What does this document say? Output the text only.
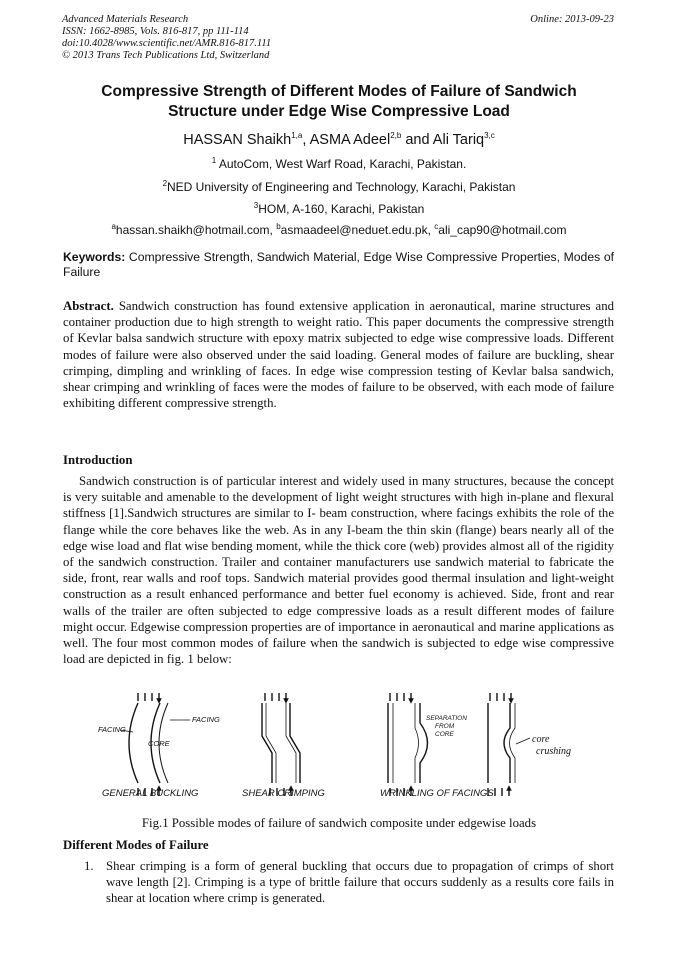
Advanced Materials Research
ISSN: 1662-8985, Vols. 816-817, pp 111-114
doi:10.4028/www.scientific.net/AMR.816-817.111
© 2013 Trans Tech Publications Ltd, Switzerland
Online: 2013-09-23
Compressive Strength of Different Modes of Failure of Sandwich
Structure under Edge Wise Compressive Load
HASSAN Shaikh$^{1,a}$, ASMA Adeel$^{2,b}$ and Ali Tariq$^{3,c}$
$^1$ AutoCom, West Warf Road, Karachi, Pakistan.
$^2$NED University of Engineering and Technology, Karachi, Pakistan
$^3$HOM, A-160, Karachi, Pakistan
$^a$hassan.shaikh@hotmail.com, $^b$asmaadeel@neduet.edu.pk, $^c$ali_cap90@hotmail.com
Keywords: Compressive Strength, Sandwich Material, Edge Wise Compressive Properties, Modes of Failure
Abstract. Sandwich construction has found extensive application in aeronautical, marine structures and container production due to high strength to weight ratio. This paper documents the compressive strength of Kevlar balsa sandwich structure with epoxy matrix subjected to edge wise compressive loads. Different modes of failure were also observed under the said loading. General modes of failure are buckling, shear crimping, dimpling and wrinkling of faces. In edge wise compression testing of Kevlar balsa sandwich, shear crimping and wrinkling of faces were the modes of failure to be observed, with each mode of failure exhibiting different compressive strength.
Introduction
Sandwich construction is of particular interest and widely used in many structures, because the concept is very suitable and amenable to the development of light weight structures with high in-plane and flexural stiffness [1].Sandwich structures are similar to I- beam construction, where facings exhibits the role of the flange while the core behaves like the web. As in any I-beam the thin skin (flange) bears nearly all of the edge wise load and flat wise bending moment, while the thick core (web) provides almost all of the rigidity of the sandwich construction. Trailer and container manufacturers use sandwich material to fabricate the side, front, rear walls and roof tops. Sandwich material provides good thermal insulation and light-weight construction as a result enhanced performance and better fuel economy is achieved. Side, front and rear walls of the trailer are often subjected to edge compressive loads as a result different modes of failure might occur. Edgewise compression properties are of importance in aeronautical and marine applications as well. The four most common modes of failure when the sandwich is subjected to edge wise compressive load are depicted in fig. 1 below:
FACING
FACING
CORE
SEPARATION
FROM
CORE	core
crushing
GENERAL BUCKLING	SHEAR CRIMPING	WRINKLING OF FACINGS
Fig.1 Possible modes of failure of sandwich composite under edgewise loads
Different Modes of Failure
1. Shear crimping is a form of general buckling that occurs due to propagation of crimps of short wave length [2]. Crimping is a type of brittle failure that occurs suddenly as a results core fails in shear at location where crimp is generated.
